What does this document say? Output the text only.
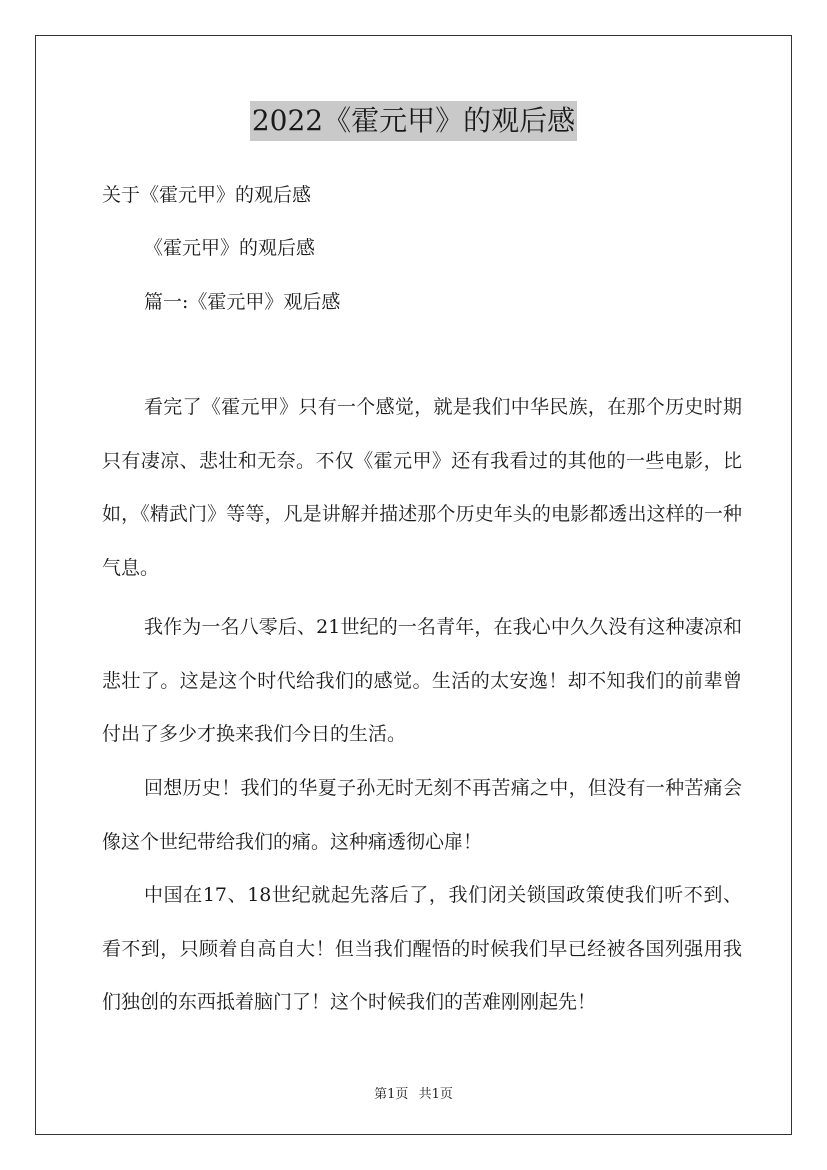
2022《霍元甲》的观后感
关于《霍元甲》的观后感
《霍元甲》的观后感
篇一:《霍元甲》观后感

看完了《霍元甲》只有一个感觉，就是我们中华民族，在那个历史时期只有凄凉、悲壮和无奈。不仅《霍元甲》还有我看过的其他的一些电影，比如，《精武门》等等，凡是讲解并描述那个历史年头的电影都透出这样的一种气息。

我作为一名八零后、21世纪的一名青年，在我心中久久没有这种凄凉和悲壮了。这是这个时代给我们的感觉。生活的太安逸！却不知我们的前辈曾付出了多少才换来我们今日的生活。

回想历史！我们的华夏子孙无时无刻不再苦痛之中，但没有一种苦痛会像这个世纪带给我们的痛。这种痛透彻心扉！

中国在17、18世纪就起先落后了，我们闭关锁国政策使我们听不到、看不到，只顾着自高自大！但当我们醒悟的时候我们早已经被各国列强用我们独创的东西抵着脑门了！这个时候我们的苦难刚刚起先！

第1页 共1页
